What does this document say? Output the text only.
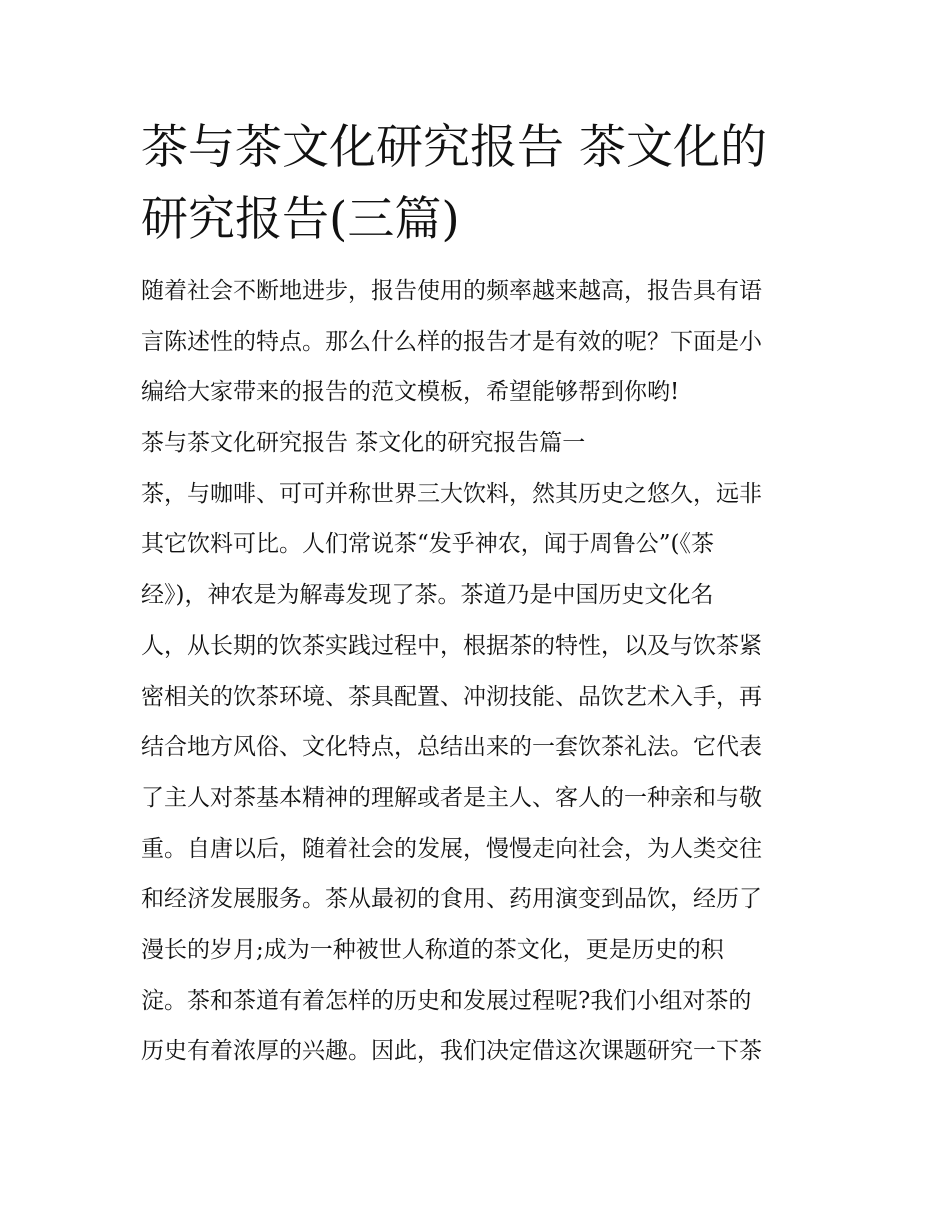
茶与茶文化研究报告 茶文化的
研究报告(三篇)
随着社会不断地进步，报告使用的频率越来越高，报告具有语
言陈述性的特点。那么什么样的报告才是有效的呢？下面是小
编给大家带来的报告的范文模板，希望能够帮到你哟!
茶与茶文化研究报告 茶文化的研究报告篇一
茶，与咖啡、可可并称世界三大饮料，然其历史之悠久，远非
其它饮料可比。人们常说茶“发乎神农，闻于周鲁公”(《茶
经》)，神农是为解毒发现了茶。茶道乃是中国历史文化名
人，从长期的饮茶实践过程中，根据茶的特性，以及与饮茶紧
密相关的饮茶环境、茶具配置、冲沏技能、品饮艺术入手，再
结合地方风俗、文化特点，总结出来的一套饮茶礼法。它代表
了主人对茶基本精神的理解或者是主人、客人的一种亲和与敬
重。自唐以后，随着社会的发展，慢慢走向社会，为人类交往
和经济发展服务。茶从最初的食用、药用演变到品饮，经历了
漫长的岁月;成为一种被世人称道的茶文化，更是历史的积
淀。茶和茶道有着怎样的历史和发展过程呢?我们小组对茶的
历史有着浓厚的兴趣。因此，我们决定借这次课题研究一下茶
